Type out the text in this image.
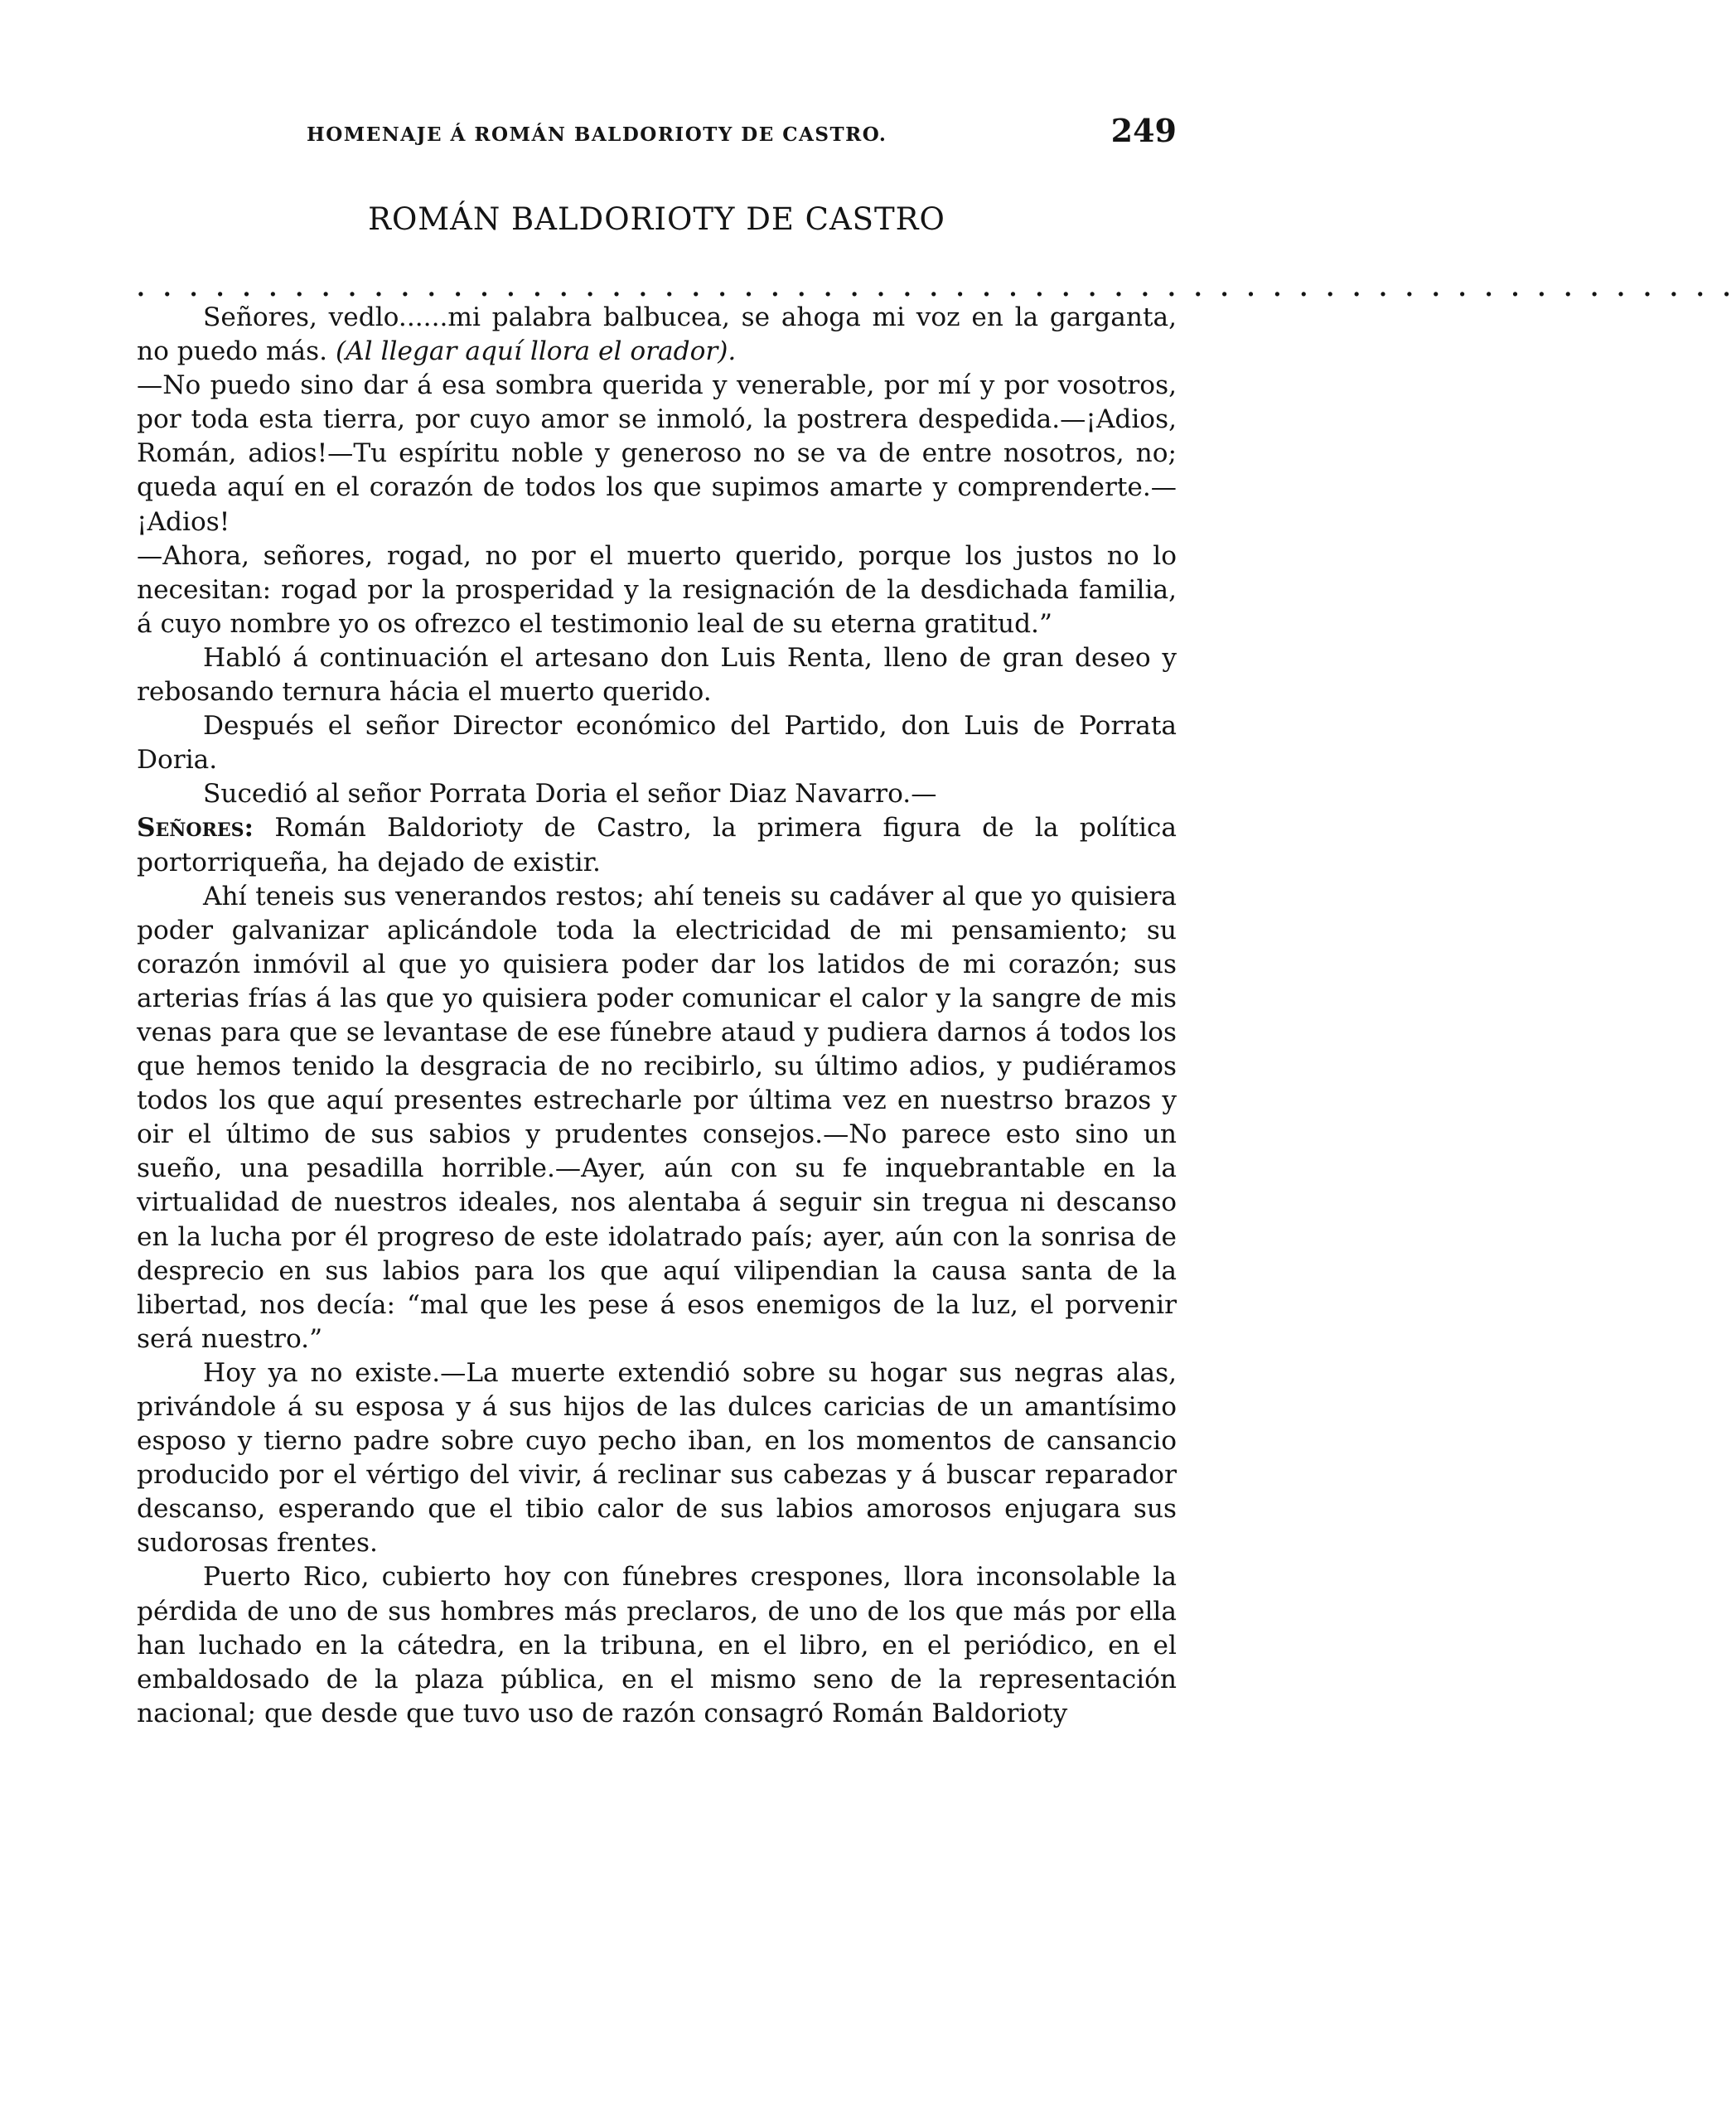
HOMENAJE Á ROMÁN BALDORIOTY DE CASTRO.	249
ROMÁN BALDORIOTY DE CASTRO
. . . . . . . . . . . . . . . . . . . . . . . . . . . . . . . . . . . . . . . . . . . . . . . . . . . . . . . . . . . . .

Señores, vedlo......mi palabra balbucea, se ahoga mi voz en la garganta, no puedo más. (Al llegar aquí llora el orador).

—No puedo sino dar á esa sombra querida y venerable, por mí y por vosotros, por toda esta tierra, por cuyo amor se inmoló, la postrera despedida.—¡Adios, Román, adios!—Tu espíritu noble y generoso no se va de entre nosotros, no; queda aquí en el corazón de todos los que supimos amarte y comprenderte.—¡Adios!

—Ahora, señores, rogad, no por el muerto querido, porque los justos no lo necesitan: rogad por la prosperidad y la resignación de la desdichada familia, á cuyo nombre yo os ofrezco el testimonio leal de su eterna gratitud.”

Habló á continuación el artesano don Luis Renta, lleno de gran deseo y rebosando ternura hácia el muerto querido.

Después el señor Director económico del Partido, don Luis de Porrata Doria.

Sucedió al señor Porrata Doria el señor Diaz Navarro.—

Señores: Román Baldorioty de Castro, la primera figura de la política portorriqueña, ha dejado de existir.

Ahí teneis sus venerandos restos; ahí teneis su cadáver al que yo quisiera poder galvanizar aplicándole toda la electricidad de mi pensamiento; su corazón inmóvil al que yo quisiera poder dar los latidos de mi corazón; sus arterias frías á las que yo quisiera poder comunicar el calor y la sangre de mis venas para que se levantase de ese fúnebre ataud y pudiera darnos á todos los que hemos tenido la desgracia de no recibirlo, su último adios, y pudiéramos todos los que aquí presentes estrecharle por última vez en nuestrso brazos y oir el último de sus sabios y prudentes consejos.—No parece esto sino un sueño, una pesadilla horrible.—Ayer, aún con su fe inquebrantable en la virtualidad de nuestros ideales, nos alentaba á seguir sin tregua ni descanso en la lucha por él progreso de este idolatrado país; ayer, aún con la sonrisa de desprecio en sus labios para los que aquí vilipendian la causa santa de la libertad, nos decía: “mal que les pese á esos enemigos de la luz, el porvenir será nuestro.”

Hoy ya no existe.—La muerte extendió sobre su hogar sus negras alas, privándole á su esposa y á sus hijos de las dulces caricias de un amantísimo esposo y tierno padre sobre cuyo pecho iban, en los momentos de cansancio producido por el vértigo del vivir, á reclinar sus cabezas y á buscar reparador descanso, esperando que el tibio calor de sus labios amorosos enjugara sus sudorosas frentes.

Puerto Rico, cubierto hoy con fúnebres crespones, llora inconsolable la pérdida de uno de sus hombres más preclaros, de uno de los que más por ella han luchado en la cátedra, en la tribuna, en el libro, en el periódico, en el embaldosado de la plaza pública, en el mismo seno de la representación nacional; que desde que tuvo uso de razón consagró Román Baldorioty
